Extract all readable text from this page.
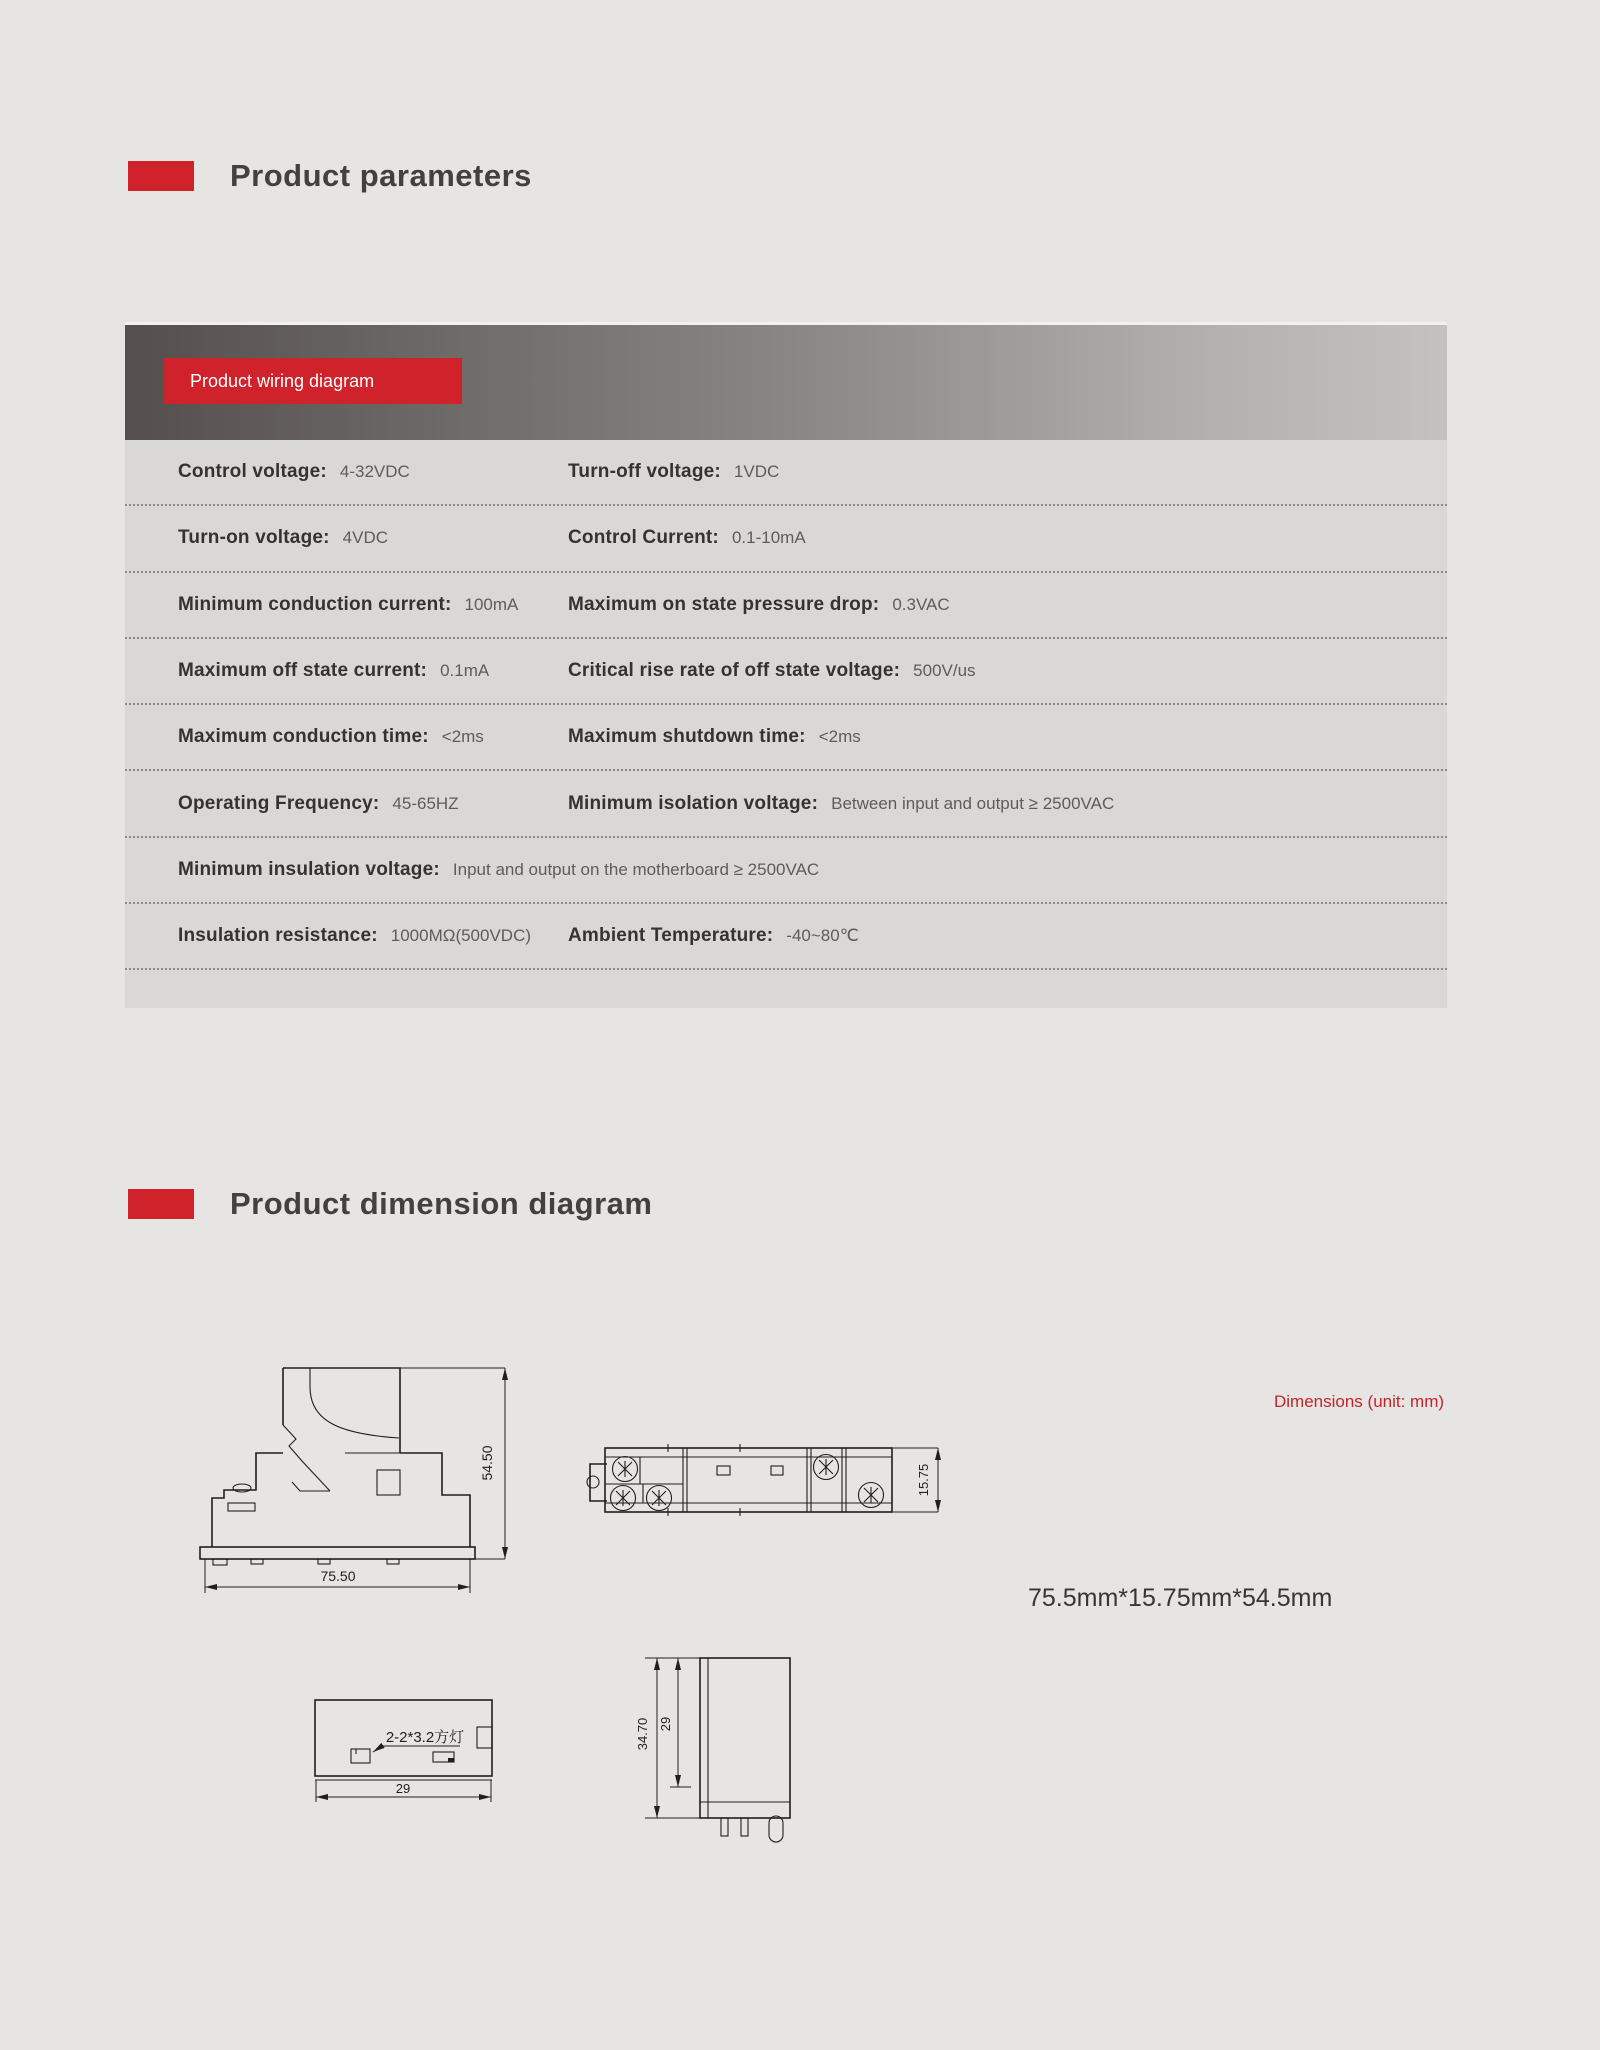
Product parameters
Product wiring diagram
Control voltage: 4-32VDC	Turn-off voltage: 1VDC
Turn-on voltage: 4VDC	Control Current: 0.1-10mA
Minimum conduction current: 100mA	Maximum on state pressure drop: 0.3VAC
Maximum off state current: 0.1mA	Critical rise rate of off state voltage: 500V/us
Maximum conduction time: <2ms	Maximum shutdown time: <2ms
Operating Frequency: 45-65HZ	Minimum isolation voltage: Between input and output ≥ 2500VAC
Minimum insulation voltage: Input and output on the motherboard ≥ 2500VAC
Insulation resistance: 1000MΩ(500VDC) Ambient Temperature: -40~80℃
Product dimension diagram
Dimensions (unit: mm)
75.5mm*15.75mm*54.5mm
54.50
75.50
15.75
2-2*3.2方灯
29
34.70 29
